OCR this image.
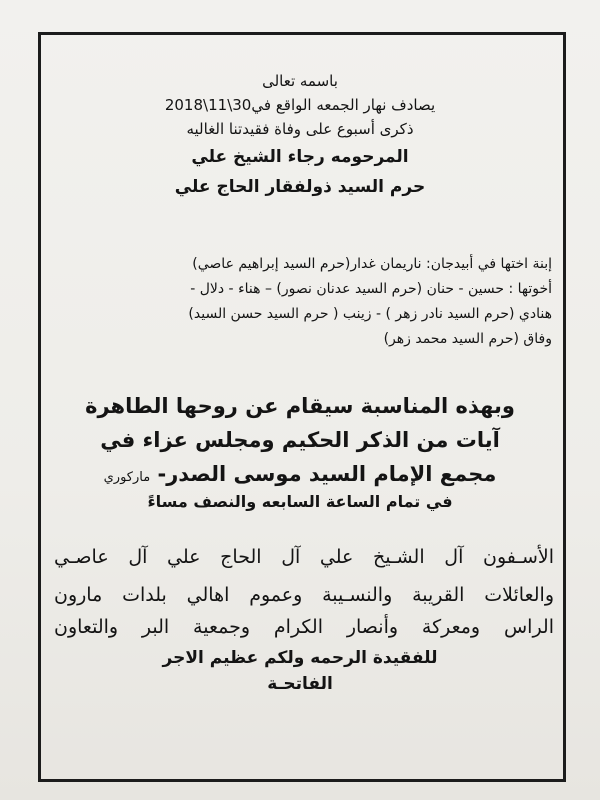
باسمه تعالى
يصادف نهار الجمعه الواقع في30\11\2018
ذكرى أسبوع على وفاة فقيدتنا الغاليه
المرحومه رجاء الشيخ علي
حرم السيد ذولفقار الحاج علي
إبنة اختها في أبيدجان: ناريمان غدار(حرم السيد إبراهيم عاصي)
أخوتها : حسين - حنان (حرم السيد عدنان نصور) – هناء - دلال -
هنادي (حرم السيد نادر زهر ) - زينب ( حرم السيد حسن السيد)
وفاق (حرم السيد محمد زهر)
وبهذه المناسبة سيقام عن روحها الطاهرة
آيات من الذكر الحكيم ومجلس عزاء في
مجمع الإمام السيد موسى الصدر- ماركوري
في تمام الساعة السابعه والنصف مساءً
الأسـفون آل الشـيخ علي آل الحاج علي آل عاصـي
والعائلات القريبة والنسـيبة وعموم اهالي بلدات مارون
الراس ومعركة وأنصار الكرام وجمعية البر والتعاون
للفقيدة الرحمه ولكم عظيم الاجر
الفاتحـة
